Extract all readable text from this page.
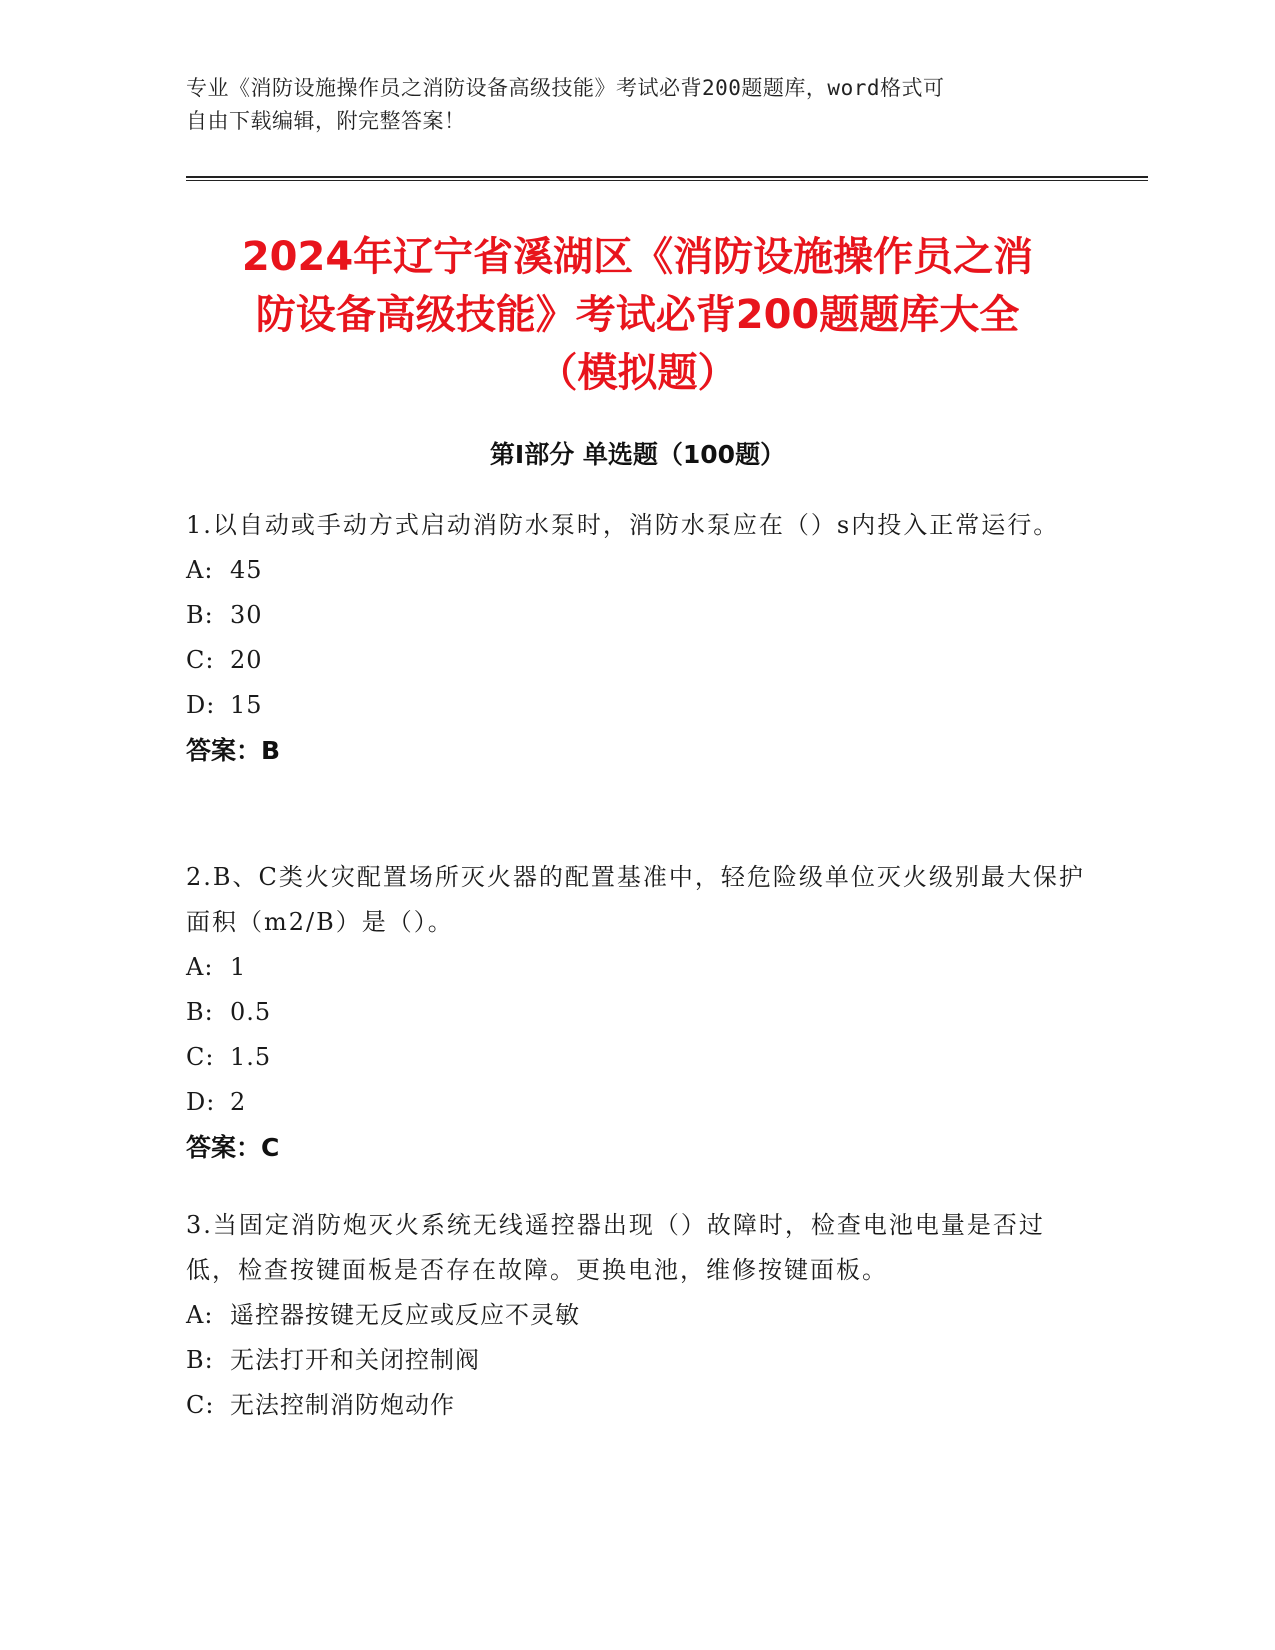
专业《消防设施操作员之消防设备高级技能》考试必背200题题库，word格式可
自由下载编辑，附完整答案！
2024年辽宁省溪湖区《消防设施操作员之消
防设备高级技能》考试必背200题题库大全
（模拟题）
第Ⅰ部分 单选题（100题）

1.以自动或手动方式启动消防水泵时，消防水泵应在（）s内投入正常运行。

A: 45
B: 30
C: 20
D: 15
答案： B

2.B、C类火灾配置场所灭火器的配置基准中，轻危险级单位灭火级别最大保护面积（m2/B）是（）。

A: 1
B: 0.5
C: 1.5
D: 2
答案： C

3.当固定消防炮灭火系统无线遥控器出现（）故障时，检查电池电量是否过低，检查按键面板是否存在故障。更换电池，维修按键面板。

A: 遥控器按键无反应或反应不灵敏
B: 无法打开和关闭控制阀
C: 无法控制消防炮动作
